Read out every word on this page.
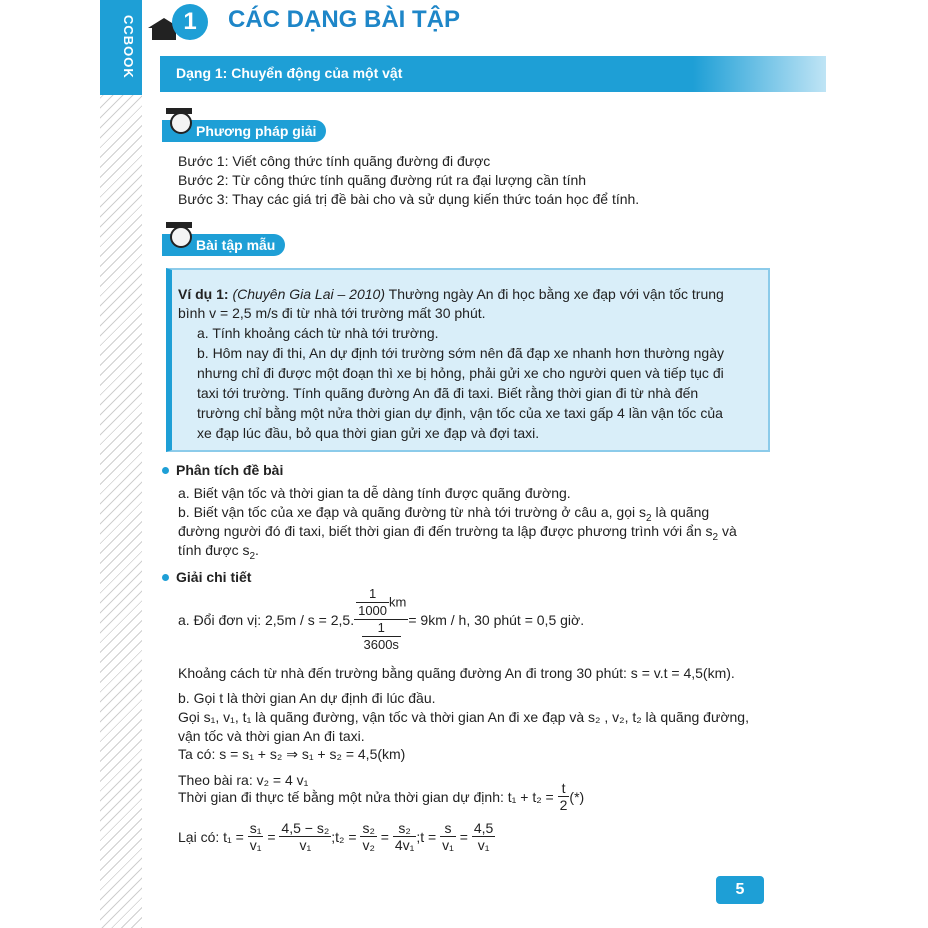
CCBOOK	1	CÁC DẠNG BÀI TẬP
Dạng 1: Chuyển động của một vật
Phương pháp giải
Bước 1: Viết công thức tính quãng đường đi được
Bước 2: Từ công thức tính quãng đường rút ra đại lượng cần tính
Bước 3: Thay các giá trị đề bài cho và sử dụng kiến thức toán học để tính.
Bài tập mẫu
Ví dụ 1: (Chuyên Gia Lai – 2010) Thường ngày An đi học bằng xe đạp với vận tốc trung
bình v = 2,5 m/s đi từ nhà tới trường mất 30 phút.
a. Tính khoảng cách từ nhà tới trường.
b. Hôm nay đi thi, An dự định tới trường sớm nên đã đạp xe nhanh hơn thường ngày
nhưng chỉ đi được một đoạn thì xe bị hỏng, phải gửi xe cho người quen và tiếp tục đi
taxi tới trường. Tính quãng đường An đã đi taxi. Biết rằng thời gian đi từ nhà đến
trường chỉ bằng một nửa thời gian dự định, vận tốc của xe taxi gấp 4 lần vận tốc của
xe đạp lúc đầu, bỏ qua thời gian gửi xe đạp và đợi taxi.
Phân tích đề bài
a. Biết vận tốc và thời gian ta dễ dàng tính được quãng đường.
b. Biết vận tốc của xe đạp và quãng đường từ nhà tới trường ở câu a, gọi $s_2$ là quãng
đường người đó đi taxi, biết thời gian đi đến trường ta lập được phương trình với ẩn $s_2$ và
tính được $s_2$.
Giải chi tiết
a. Đổi đơn vị: 2,5m / s = 2,5. $\frac{\frac{1}{1000} km}{\frac{1}{3600s}} = 9km / h$, 30 phút = 0,5 giờ.
Khoảng cách từ nhà đến trường bằng quãng đường An đi trong 30 phút: s = v.t = 4,5(km).
b. Gọi t là thời gian An dự định đi lúc đầu.
Gọi s₁, v₁, t₁ là quãng đường, vận tốc và thời gian An đi xe đạp và s₂ , v₂, t₂ là quãng đường,
vận tốc và thời gian An đi taxi.
Ta có: s = s₁ + s₂ ⇒ s₁ + s₂ = 4,5(km)
Theo bài ra: v₂ = 4 v₁
Thời gian đi thực tế bằng một nửa thời gian dự định: $t_1 + t_2 = \frac{t}{2}$ (*)
Lại có: $t_1 = \frac{\text{s₁}}{\text{v₁}} = \frac{\text{4,5 − s₂}}{\text{v₁}}$ ;t₂ = $\frac{\text{s₂}}{\text{v₂}} = \frac{\text{s₂}}{\text{4v₁}}$ ;t = $\frac{s}{\text{v₁}} = \frac{4,5}{\text{v₁}}$
5
